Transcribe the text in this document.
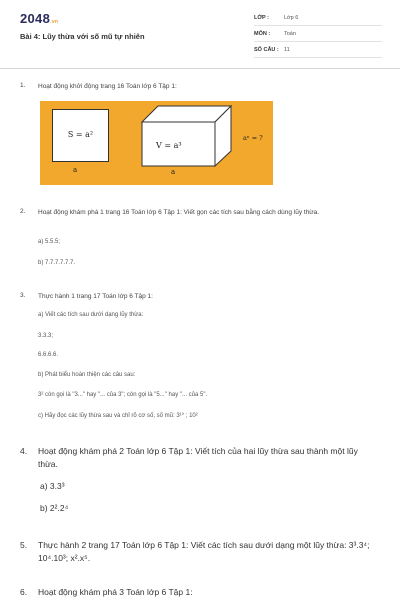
2048.vn
Bài 4: Lũy thừa với số mũ tự nhiên
LỚP :	Lớp 6
MÔN :	Toán
SỐ CÂU : 11
1. Hoạt động khởi động trang 16 Toán lớp 6 Tập 1:
S = a²
a
V = a³
a
aⁿ = ?
2. Hoạt động khám phá 1 trang 16 Toán lớp 6 Tập 1: Viết gọn các tích sau bằng cách dùng lũy thừa.
a) 5.5.5;
b) 7.7.7.7.7.7.
3. Thực hành 1 trang 17 Toán lớp 6 Tập 1:
a) Viết các tích sau dưới dạng lũy thừa:
3.3.3;
6.6.6.6.
b) Phát biểu hoàn thiện các câu sau:
3² còn gọi là "3..." hay "... của 3"; còn gọi là "5..." hay "... của 5".
c) Hãy đọc các lũy thừa sau và chỉ rõ cơ số, số mũ: 3¹⁰ ; 10²
4. Hoạt động khám phá 2 Toán lớp 6 Tập 1: Viết tích của hai lũy thừa sau thành một lũy thừa.
a) 3.3³
b) 2².2⁴
5. Thực hành 2 trang 17 Toán lớp 6 Tập 1: Viết các tích sau dưới dạng một lũy thừa: 3³.3⁴; 10⁴.10³; x².x⁵.
6. Hoạt động khám phá 3 Toán lớp 6 Tập 1:
